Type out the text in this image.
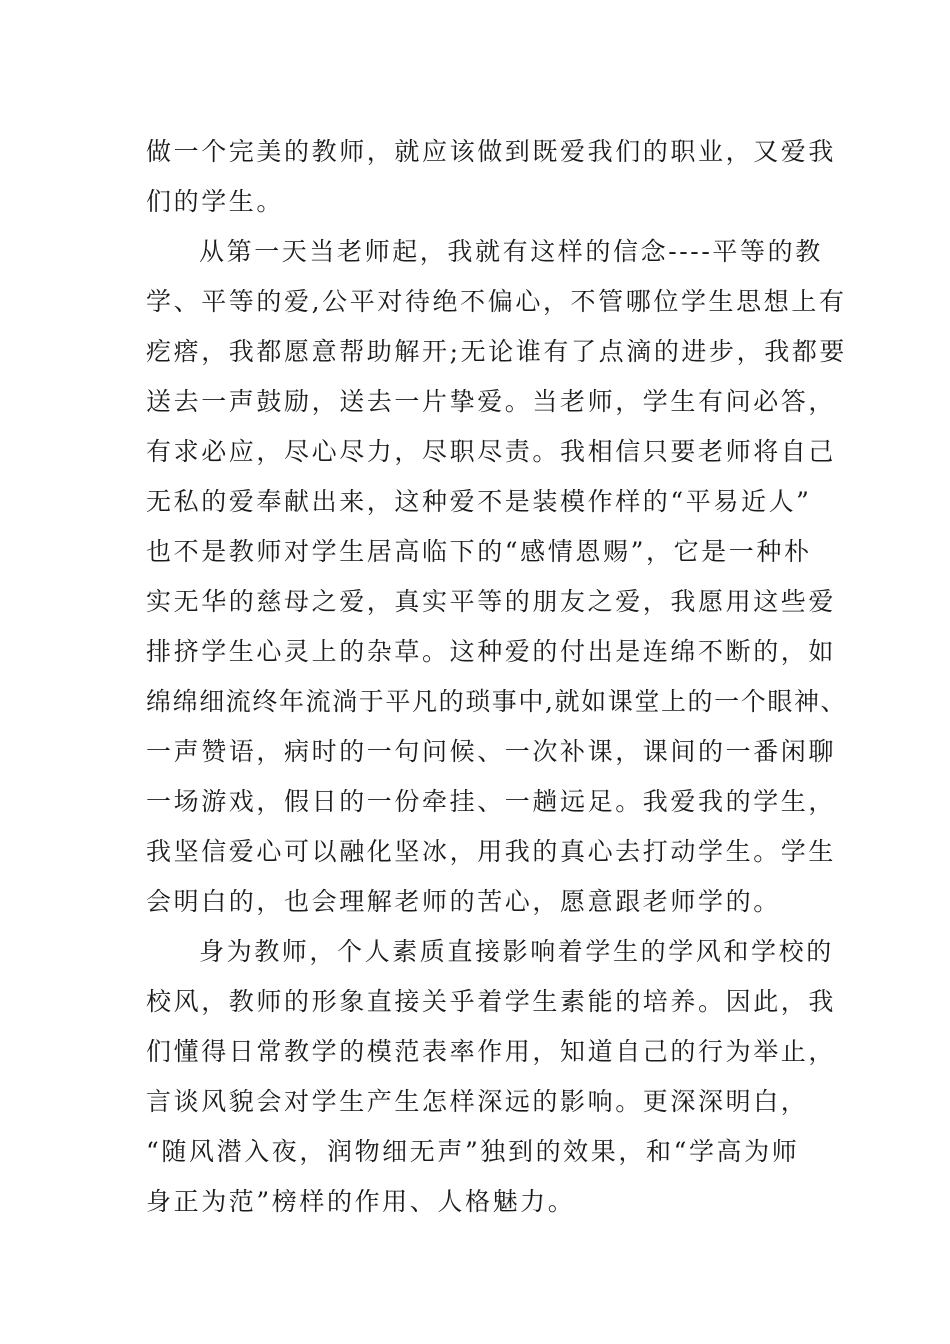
做一个完美的教师，就应该做到既爱我们的职业，又爱我
们的学生。
从第一天当老师起，我就有这样的信念----平等的教
学、平等的爱,公平对待绝不偏心，不管哪位学生思想上有
疙瘩，我都愿意帮助解开;无论谁有了点滴的进步，我都要
送去一声鼓励，送去一片挚爱。当老师，学生有问必答，
有求必应，尽心尽力，尽职尽责。我相信只要老师将自己
无私的爱奉献出来，这种爱不是装模作样的“平易近人”
也不是教师对学生居高临下的“感情恩赐”，它是一种朴
实无华的慈母之爱，真实平等的朋友之爱，我愿用这些爱
排挤学生心灵上的杂草。这种爱的付出是连绵不断的，如
绵绵细流终年流淌于平凡的琐事中,就如课堂上的一个眼神、
一声赞语，病时的一句问候、一次补课，课间的一番闲聊
一场游戏，假日的一份牵挂、一趟远足。我爱我的学生，
我坚信爱心可以融化坚冰，用我的真心去打动学生。学生
会明白的，也会理解老师的苦心，愿意跟老师学的。
身为教师，个人素质直接影响着学生的学风和学校的
校风，教师的形象直接关乎着学生素能的培养。因此，我
们懂得日常教学的模范表率作用，知道自己的行为举止，
言谈风貌会对学生产生怎样深远的影响。更深深明白，
“随风潜入夜，润物细无声”独到的效果，和“学高为师
身正为范”榜样的作用、人格魅力。
